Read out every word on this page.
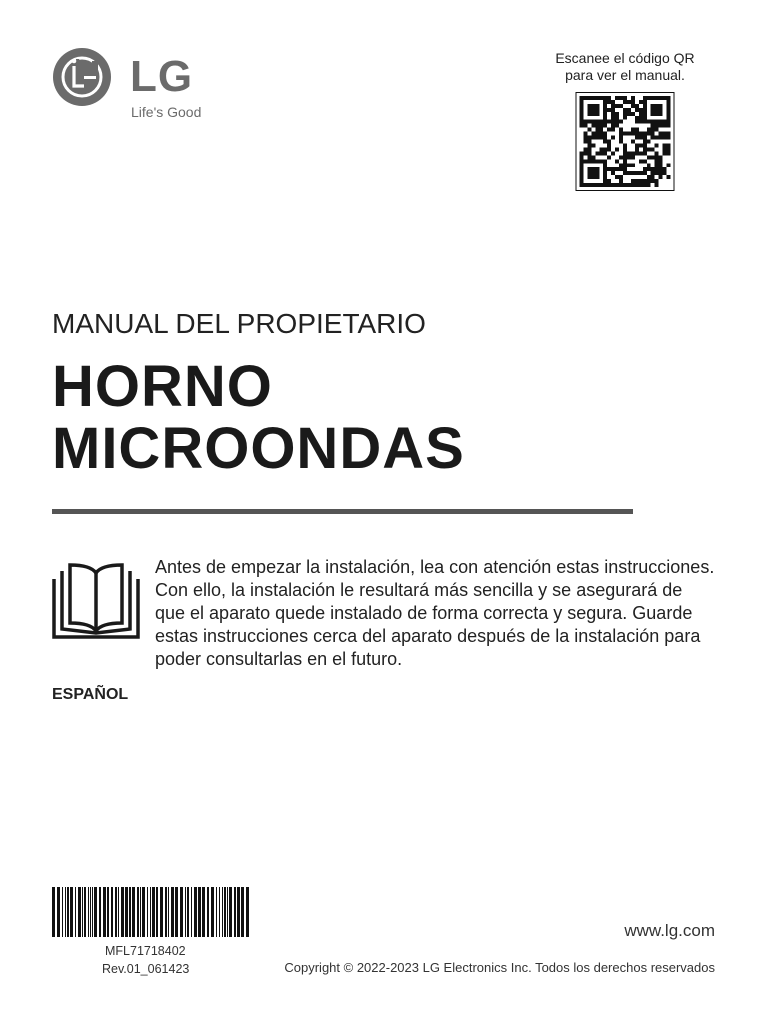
LG
Life's Good
Escanee el código QR
para ver el manual.
MANUAL DEL PROPIETARIO
HORNO
MICROONDAS
Antes de empezar la instalación, lea con atención estas instrucciones. Con ello, la instalación le resultará más sencilla y se asegurará de que el aparato quede instalado de forma correcta y segura. Guarde estas instrucciones cerca del aparato después de la instalación para poder consultarlas en el futuro.
ESPAÑOL
MFL71718402
Rev.01_061423
www.lg.com
Copyright © 2022-2023 LG Electronics Inc. Todos los derechos reservados
